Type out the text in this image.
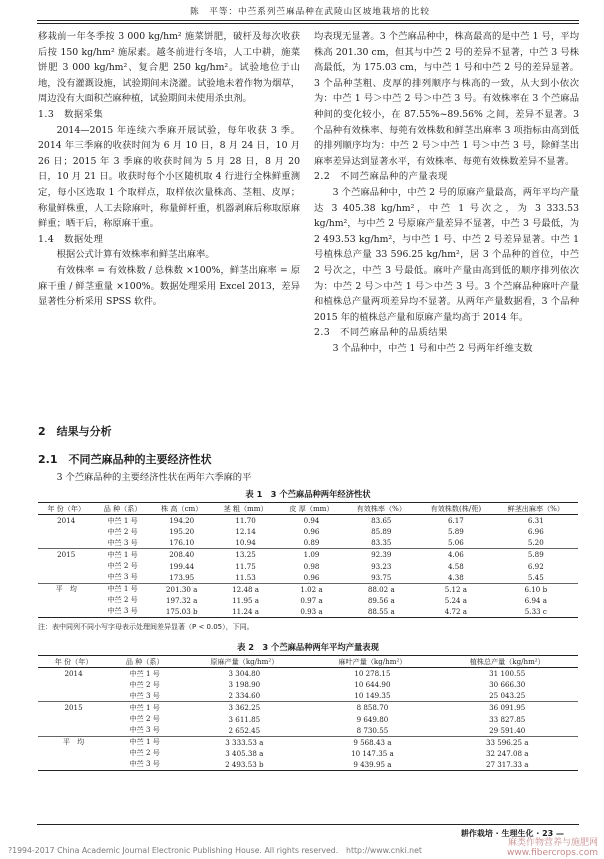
陈　平等：中苎系列苎麻品种在武陵山区坡地栽培的比较

移栽前一年冬季按 3 000 kg/hm² 施菜饼肥，破杆及每次收获后按 150 kg/hm² 施尿素。越冬前进行冬培，人工中耕，施菜饼肥 3 000 kg/hm²、复合肥 250 kg/hm²。试验地位于山地，没有灌溉设施，试验期间未浇灌。试验地未着作物为烟草，周边没有大面积苎麻种植，试验期间未使用杀虫剂。

1.3　数据采集

2014—2015 年连续六季麻开展试验，每年收获 3 季。2014 年三季麻的收获时间为 6 月 10 日，8 月 24 日，10 月 26 日；2015 年 3 季麻的收获时间为 5 月 28 日，8 月 20 日，10 月 21 日。收获时每个小区随机取 4 行进行全株鲜重测定，每小区选取 1 个取样点，取样依次量株高、茎粗、皮厚；称量鲜株重，人工去除麻叶，称量鲜杆重，机器剥麻后称取原麻鲜重；晒干后，称原麻干重。

1.4　数据处理

根据公式计算有效株率和鲜茎出麻率。

有效株率 = 有效株数 / 总株数 ×100%，鲜茎出麻率 = 原麻干重 / 鲜茎重量 ×100%。数据处理采用 Excel 2013，差异显著性分析采用 SPSS 软件。

2　结果与分析
2.1　不同苎麻品种的主要经济性状

3 个苎麻品种的主要经济性状在两年六季麻的平

均表现无显著。3 个苎麻品种中，株高最高的是中苎 1 号，平均株高 201.30 cm，但其与中苎 2 号的差异不显著，中苎 3 号株高最低，为 175.03 cm，与中苎 1 号和中苎 2 号的差异显著。3 个品种茎粗、皮厚的排列顺序与株高的一致，从大到小依次为：中苎 1 号＞中苎 2 号＞中苎 3 号。有效株率在 3 个苎麻品种间的变化较小，在 87.55%~89.56% 之间，差异不显著。3 个品种有效株率、每蔸有效株数和鲜茎出麻率 3 项指标由高到低的排列顺序均为：中苎 2 号＞中苎 1 号＞中苎 3 号，除鲜茎出麻率差异达到显著水平，有效株率、每蔸有效株数差异不显著。

2.2　不同苎麻品种的产量表现

3 个苎麻品种中，中苎 2 号的原麻产量最高，两年平均产量达 3 405.38 kg/hm²，中苎 1 号次之，为 3 333.53 kg/hm²，与中苎 2 号原麻产量差异不显著，中苎 3 号最低，为 2 493.53 kg/hm²，与中苎 1 号、中苎 2 号差异显著。中苎 1 号植株总产量 33 596.25 kg/hm²，居 3 个品种的首位，中苎 2 号次之，中苎 3 号最低。麻叶产量由高到低的顺序排列依次为：中苎 2 号＞中苎 1 号＞中苎 3 号。3 个苎麻品种麻叶产量和植株总产量两项差异均不显著。从两年产量数据看，3 个品种 2015 年的植株总产量和原麻产量均高于 2014 年。

2.3　不同苎麻品种的品质结果

3 个品种中，中苎 1 号和中苎 2 号两年纤维支数

表 1　3 个苎麻品种两年经济性状
年 份（年）	品 种（系）	株 高（cm）	茎 粗（mm）	皮 厚（mm）	有效株率（%）	有效株数(株/蔸)	鲜茎出麻率（%）
2014	中苎 1 号	194.20	11.70	0.94	83.65	6.17	6.31
	中苎 2 号	195.20	12.14	0.96	85.89	5.89	6.96
	中苎 3 号	176.10	10.94	0.89	83.35	5.06	5.20
2015	中苎 1 号	208.40	13.25	1.09	92.39	4.06	5.89
	中苎 2 号	199.44	11.75	0.98	93.23	4.58	6.92
	中苎 3 号	173.95	11.53	0.96	93.75	4.38	5.45
平　均	中苎 1 号	201.30 a	12.48 a	1.02 a	88.02 a	5.12 a	6.10 b
	中苎 2 号	197.32 a	11.95 a	0.97 a	89.56 a	5.24 a	6.94 a
	中苎 3 号	175.03 b	11.24 a	0.93 a	88.55 a	4.72 a	5.33 c
注：表中同列不同小写字母表示处理间差异显著（P < 0.05），下同。
表 2　3 个苎麻品种两年平均产量表现
年 份（年）	品 种（系）	原麻产量（kg/hm²）	麻叶产量（kg/hm²）	植株总产量（kg/hm²）
2014	中苎 1 号	3 304.80	10 278.15	31 100.55
	中苎 2 号	3 198.90	10 644.90	30 666.30
	中苎 3 号	2 334.60	10 149.35	25 043.25
2015	中苎 1 号	3 362.25	8 858.70	36 091.95
	中苎 2 号	3 611.85	9 649.80	33 827.85
	中苎 3 号	2 652.45	8 730.55	29 591.40
平　均	中苎 1 号	3 333.53 a	9 568.43 a	33 596.25 a
	中苎 2 号	3 405.38 a	10 147.35 a	32 247.08 a
	中苎 3 号	2 493.53 b	9 439.95 a	27 317.33 a
耕作栽培 · 生理生化 · 23 —
?1994-2017 China Academic Journal Electronic Publishing House. All rights reserved.　http://www.cnki.net
麻类作物营养与施肥网
www.fibercrops.com
